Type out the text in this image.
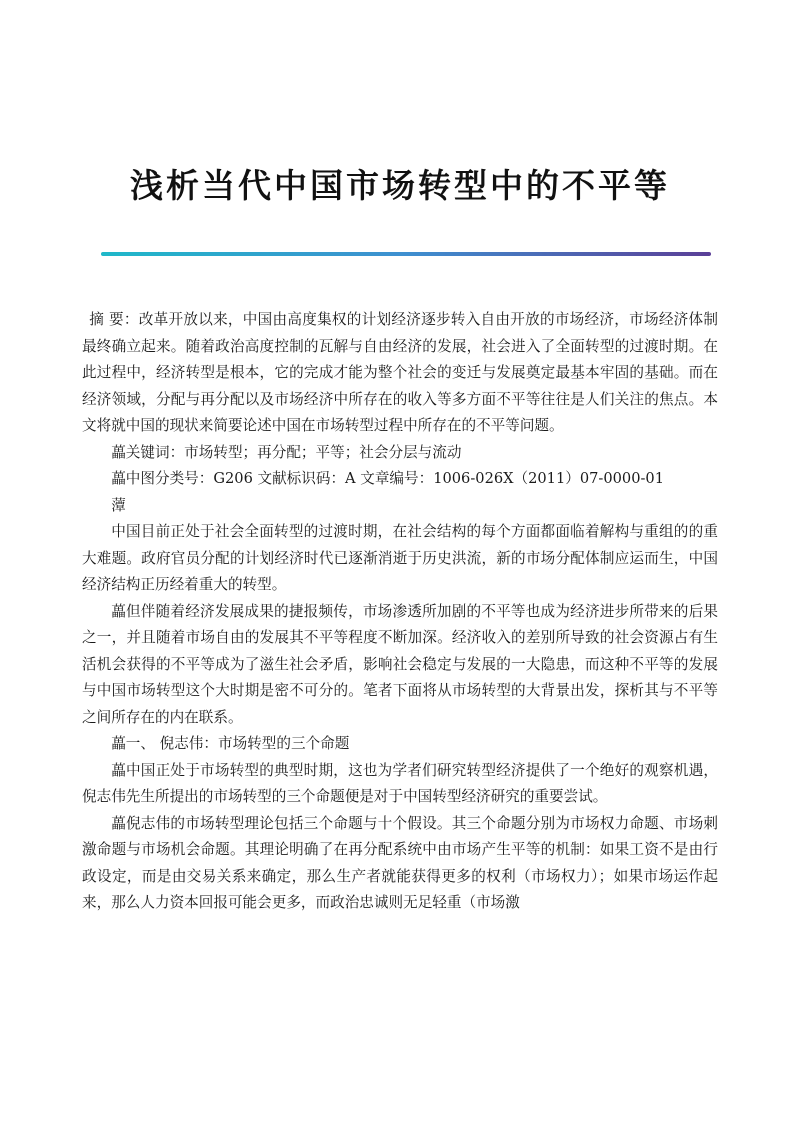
浅析当代中国市场转型中的不平等

摘 要：改革开放以来，中国由高度集权的计划经济逐步转入自由开放的市场经济，市场经济体制最终确立起来。随着政治高度控制的瓦解与自由经济的发展，社会进入了全面转型的过渡时期。在此过程中，经济转型是根本，它的完成才能为整个社会的变迁与发展奠定最基本牢固的基础。而在经济领域，分配与再分配以及市场经济中所存在的收入等多方面不平等往往是人们关注的焦点。本文将就中国的现状来简要论述中国在市场转型过程中所存在的不平等问题。

藟关键词：市场转型；再分配；平等；社会分层与流动

藟中图分类号：G206 文献标识码：A 文章编号：1006-026X（2011）07-0000-01

藫

中国目前正处于社会全面转型的过渡时期，在社会结构的每个方面都面临着解构与重组的的重大难题。政府官员分配的计划经济时代已逐渐消逝于历史洪流，新的市场分配体制应运而生，中国经济结构正历经着重大的转型。

藟但伴随着经济发展成果的捷报频传，市场渗透所加剧的不平等也成为经济进步所带来的后果之一，并且随着市场自由的发展其不平等程度不断加深。经济收入的差别所导致的社会资源占有生活机会获得的不平等成为了滋生社会矛盾，影响社会稳定与发展的一大隐患，而这种不平等的发展与中国市场转型这个大时期是密不可分的。笔者下面将从市场转型的大背景出发，探析其与不平等之间所存在的内在联系。

藟一、 倪志伟：市场转型的三个命题

藟中国正处于市场转型的典型时期，这也为学者们研究转型经济提供了一个绝好的观察机遇，倪志伟先生所提出的市场转型的三个命题便是对于中国转型经济研究的重要尝试。

藟倪志伟的市场转型理论包括三个命题与十个假设。其三个命题分别为市场权力命题、市场刺激命题与市场机会命题。其理论明确了在再分配系统中由市场产生平等的机制：如果工资不是由行政设定，而是由交易关系来确定，那么生产者就能获得更多的权利（市场权力）；如果市场运作起来，那么人力资本回报可能会更多，而政治忠诚则无足轻重（市场激
